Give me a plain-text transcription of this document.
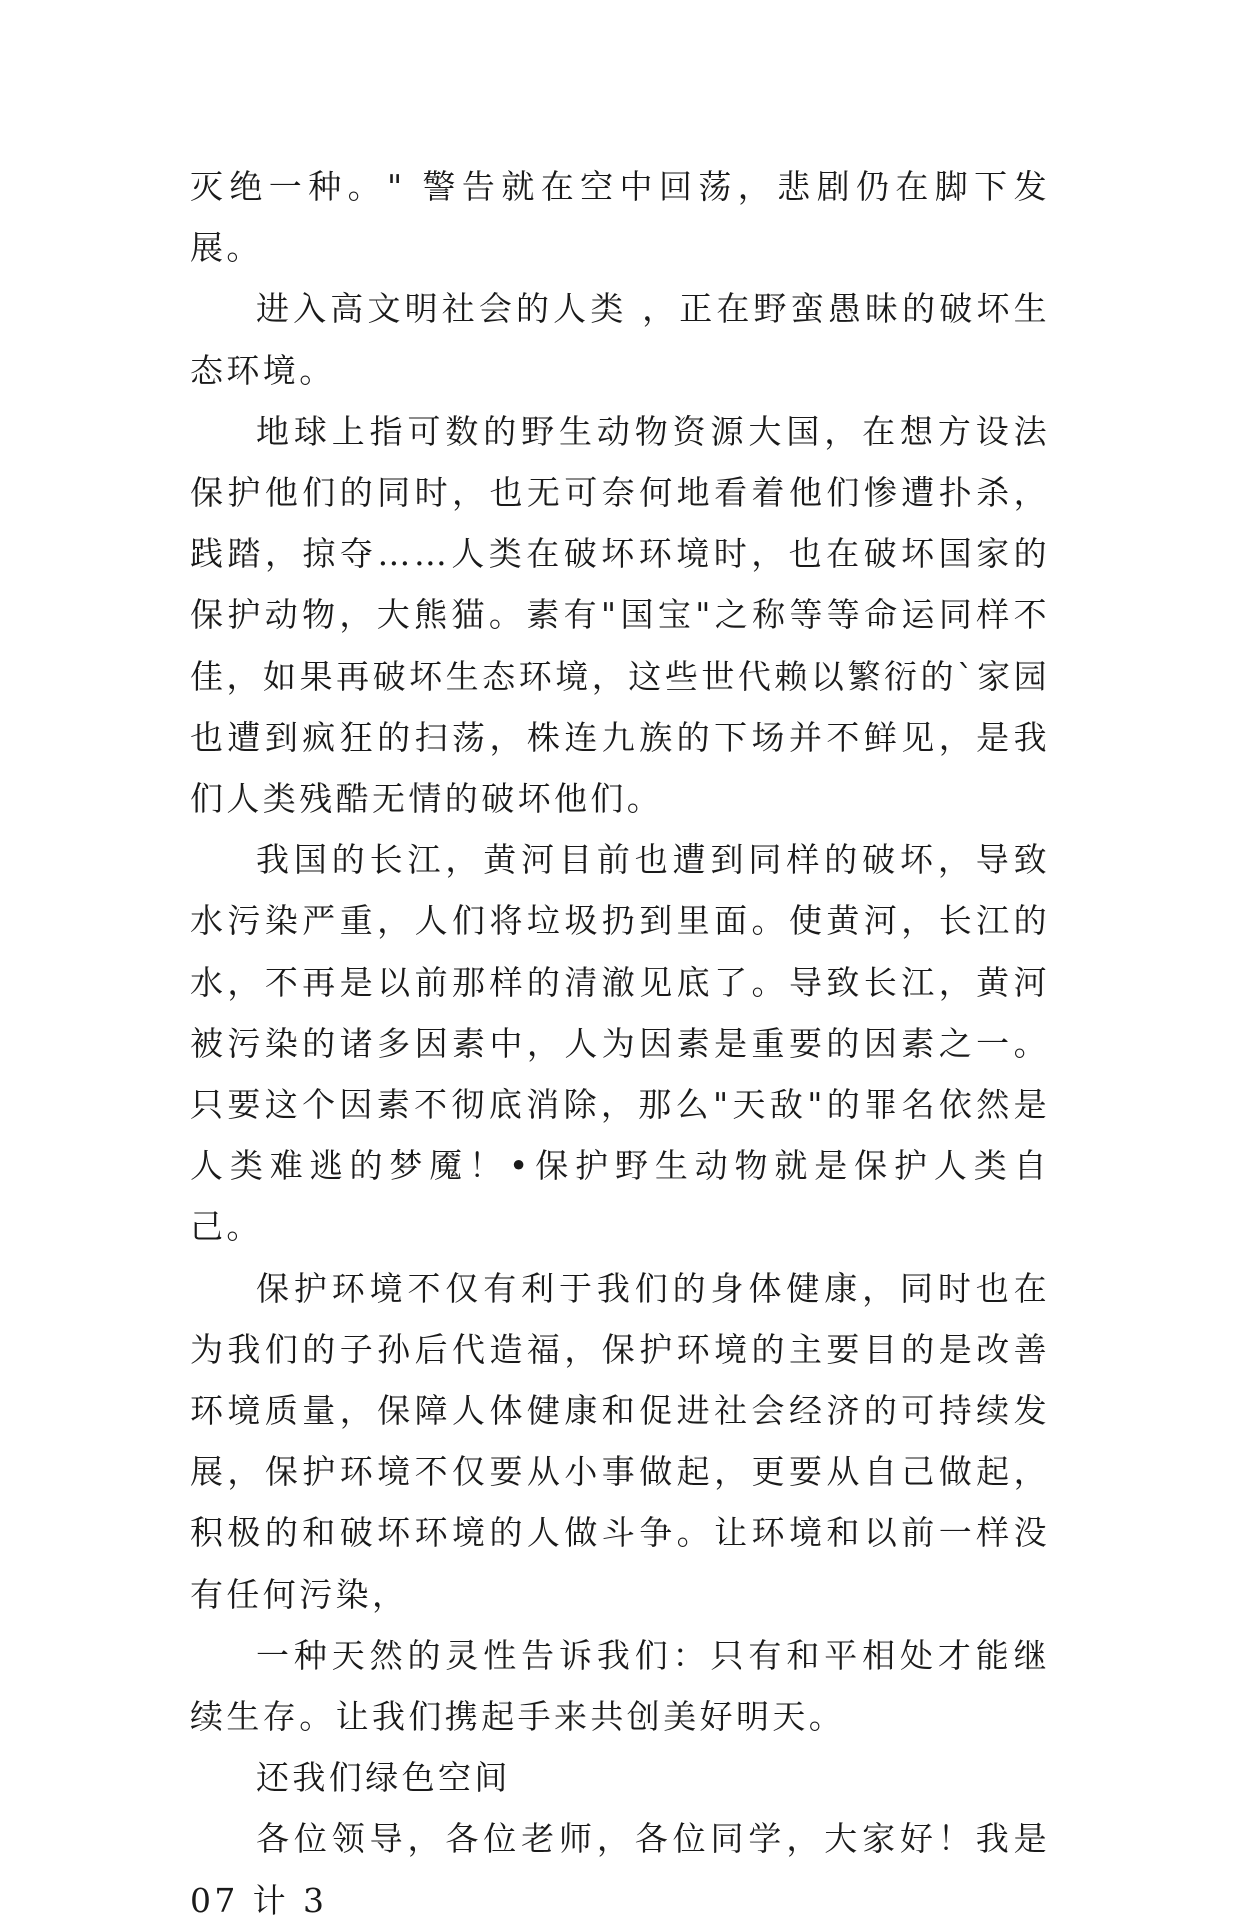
灭绝一种。" 警告就在空中回荡，悲剧仍在脚下发展。

进入高文明社会的人类 ，正在野蛮愚昧的破坏生态环境。

地球上指可数的野生动物资源大国，在想方设法保护他们的同时，也无可奈何地看着他们惨遭扑杀，践踏，掠夺……人类在破坏环境时，也在破坏国家的保护动物，大熊猫。素有"国宝"之称等等命运同样不佳，如果再破坏生态环境，这些世代赖以繁衍的`家园也遭到疯狂的扫荡，株连九族的下场并不鲜见，是我们人类残酷无情的破坏他们。

我国的长江，黄河目前也遭到同样的破坏，导致水污染严重，人们将垃圾扔到里面。使黄河，长江的水，不再是以前那样的清澈见底了。导致长江，黄河被污染的诸多因素中，人为因素是重要的因素之一。只要这个因素不彻底消除，那么"天敌"的罪名依然是人类难逃的梦魇！•保护野生动物就是保护人类自己。

保护环境不仅有利于我们的身体健康，同时也在为我们的子孙后代造福，保护环境的主要目的是改善环境质量，保障人体健康和促进社会经济的可持续发展，保护环境不仅要从小事做起，更要从自己做起，积极的和破坏环境的人做斗争。让环境和以前一样没有任何污染，

一种天然的灵性告诉我们：只有和平相处才能继续生存。让我们携起手来共创美好明天。

还我们绿色空间

各位领导，各位老师，各位同学，大家好！我是 07 计 3
